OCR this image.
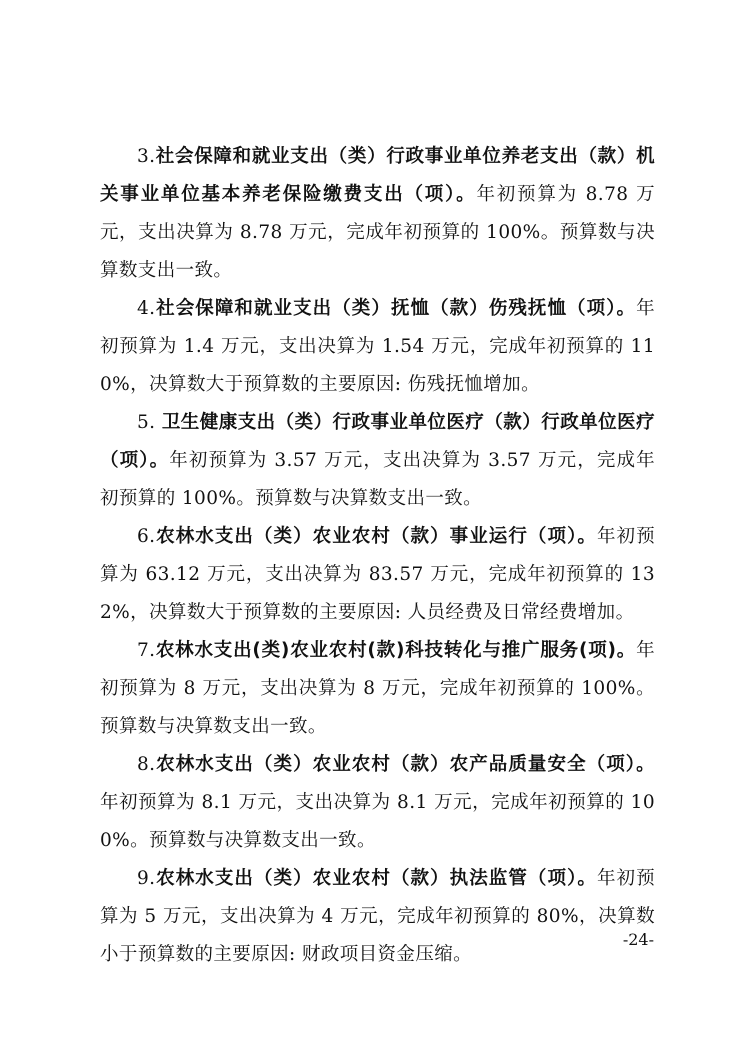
3.社会保障和就业支出（类）行政事业单位养老支出（款）机关事业单位基本养老保险缴费支出（项）。年初预算为 8.78 万元，支出决算为 8.78 万元，完成年初预算的 100%。预算数与决算数支出一致。

4.社会保障和就业支出（类）抚恤（款）伤残抚恤（项）。年初预算为 1.4 万元，支出决算为 1.54 万元，完成年初预算的 110%，决算数大于预算数的主要原因: 伤残抚恤增加。

5. 卫生健康支出（类）行政事业单位医疗（款）行政单位医疗（项）。年初预算为 3.57 万元，支出决算为 3.57 万元，完成年初预算的 100%。预算数与决算数支出一致。

6.农林水支出（类）农业农村（款）事业运行（项）。年初预算为 63.12 万元，支出决算为 83.57 万元，完成年初预算的 132%，决算数大于预算数的主要原因: 人员经费及日常经费增加。

7.农林水支出(类)农业农村(款)科技转化与推广服务(项)。年初预算为 8 万元，支出决算为 8 万元，完成年初预算的 100%。预算数与决算数支出一致。

8.农林水支出（类）农业农村（款）农产品质量安全（项）。年初预算为 8.1 万元，支出决算为 8.1 万元，完成年初预算的 100%。预算数与决算数支出一致。

9.农林水支出（类）农业农村（款）执法监管（项）。年初预算为 5 万元，支出决算为 4 万元，完成年初预算的 80%，决算数小于预算数的主要原因: 财政项目资金压缩。

-24-
